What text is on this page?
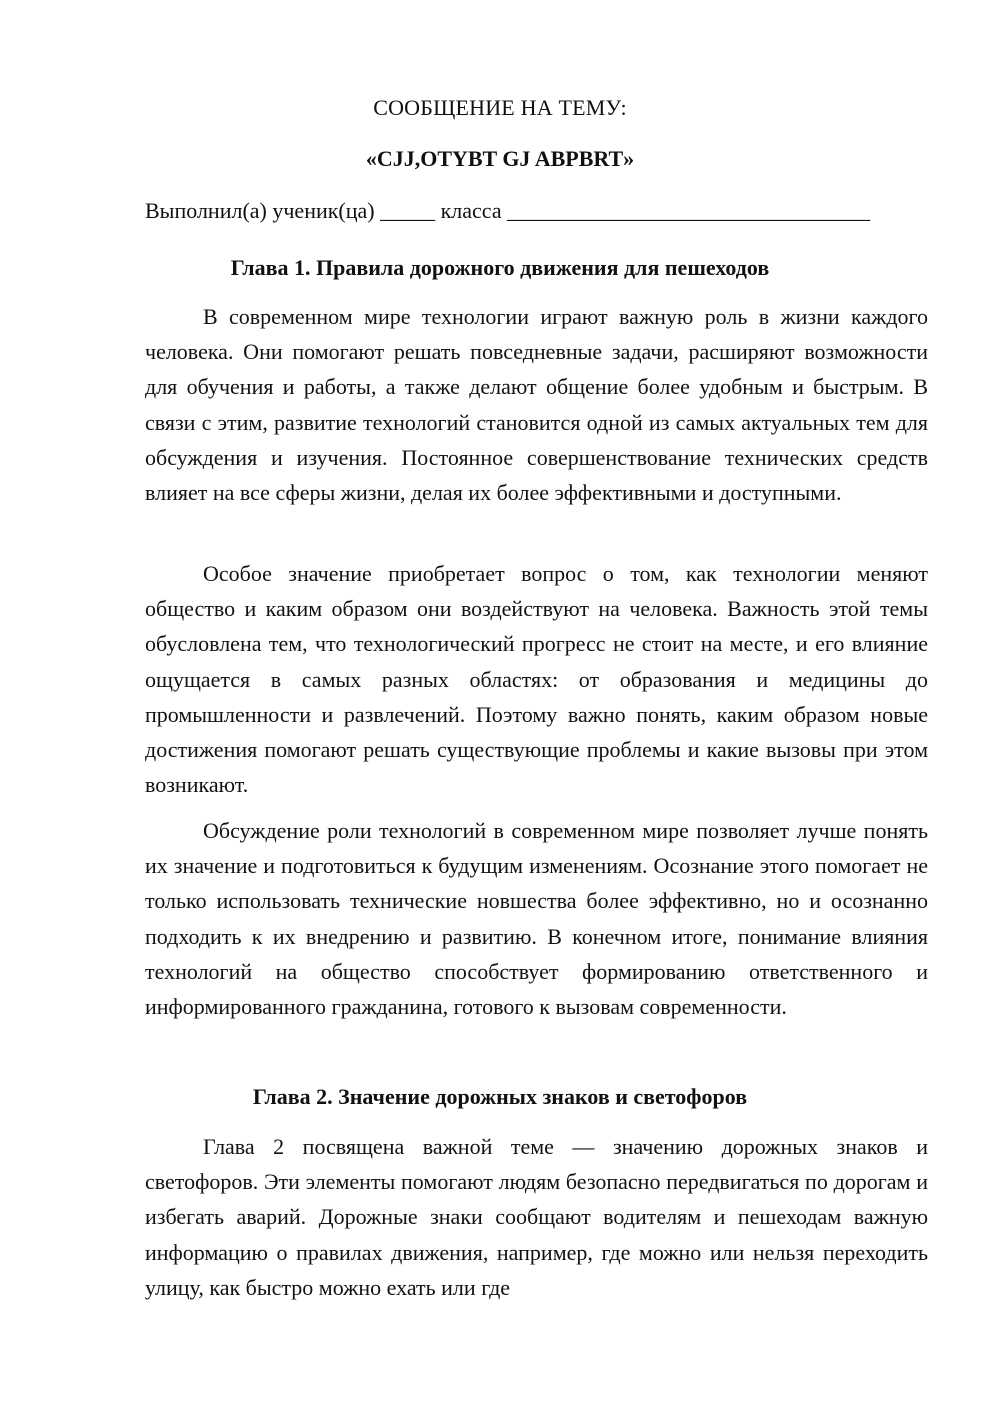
СООБЩЕНИЕ НА ТЕМУ:

«CJJ,OTYBT GJ ABPBRT»

Выполнил(а) ученик(ца) _____ класса _________________________________
Глава 1. Правила дорожного движения для пешеходов

В современном мире технологии играют важную роль в жизни каждого человека. Они помогают решать повседневные задачи, расширяют возможности для обучения и работы, а также делают общение более удобным и быстрым. В связи с этим, развитие технологий становится одной из самых актуальных тем для обсуждения и изучения. Постоянное совершенствование технических средств влияет на все сферы жизни, делая их более эффективными и доступными.

Особое значение приобретает вопрос о том, как технологии меняют общество и каким образом они воздействуют на человека. Важность этой темы обусловлена тем, что технологический прогресс не стоит на месте, и его влияние ощущается в самых разных областях: от образования и медицины до промышленности и развлечений. Поэтому важно понять, каким образом новые достижения помогают решать существующие проблемы и какие вызовы при этом возникают.

Обсуждение роли технологий в современном мире позволяет лучше понять их значение и подготовиться к будущим изменениям. Осознание этого помогает не только использовать технические новшества более эффективно, но и осознанно подходить к их внедрению и развитию. В конечном итоге, понимание влияния технологий на общество способствует формированию ответственного и информированного гражданина, готового к вызовам современности.

Глава 2. Значение дорожных знаков и светофоров

Глава 2 посвящена важной теме — значению дорожных знаков и светофоров. Эти элементы помогают людям безопасно передвигаться по дорогам и избегать аварий. Дорожные знаки сообщают водителям и пешеходам важную информацию о правилах движения, например, где можно или нельзя переходить улицу, как быстро можно ехать или где
